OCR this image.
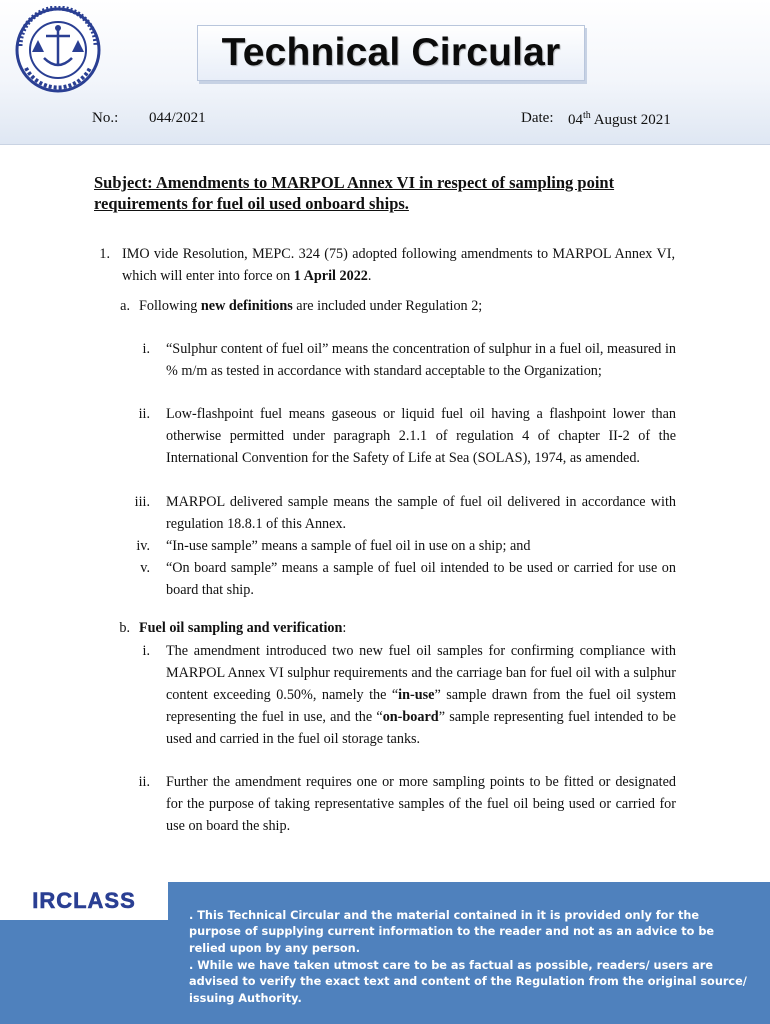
Technical Circular
No.: 044/2021	Date: 04th August 2021
Subject: Amendments to MARPOL Annex VI in respect of sampling point
requirements for fuel oil used onboard ships.
1. IMO vide Resolution, MEPC. 324 (75) adopted following amendments to MARPOL Annex VI, which will enter into force on 1 April 2022.
a. Following new definitions are included under Regulation 2;
i. “Sulphur content of fuel oil” means the concentration of sulphur in a fuel oil, measured in % m/m as tested in accordance with standard acceptable to the Organization;
ii. Low-flashpoint fuel means gaseous or liquid fuel oil having a flashpoint lower than otherwise permitted under paragraph 2.1.1 of regulation 4 of chapter II-2 of the International Convention for the Safety of Life at Sea (SOLAS), 1974, as amended.
iii. MARPOL delivered sample means the sample of fuel oil delivered in accordance with regulation 18.8.1 of this Annex.
iv. “In-use sample” means a sample of fuel oil in use on a ship; and
v. “On board sample” means a sample of fuel oil intended to be used or carried for use on board that ship.
b. Fuel oil sampling and verification:
i. The amendment introduced two new fuel oil samples for confirming compliance with MARPOL Annex VI sulphur requirements and the carriage ban for fuel oil with a sulphur content exceeding 0.50%, namely the “in-use” sample drawn from the fuel oil system representing the fuel in use, and the “on-board” sample representing fuel intended to be used and carried in the fuel oil storage tanks.
ii. Further the amendment requires one or more sampling points to be fitted or designated for the purpose of taking representative samples of the fuel oil being used or carried for use on board the ship.
IRCLASS
. This Technical Circular and the material contained in it is provided only for the purpose of supplying current information to the reader and not as an advice to be relied upon by any person.
. While we have taken utmost care to be as factual as possible, readers/ users are advised to verify the exact text and content of the Regulation from the original source/ issuing Authority.
